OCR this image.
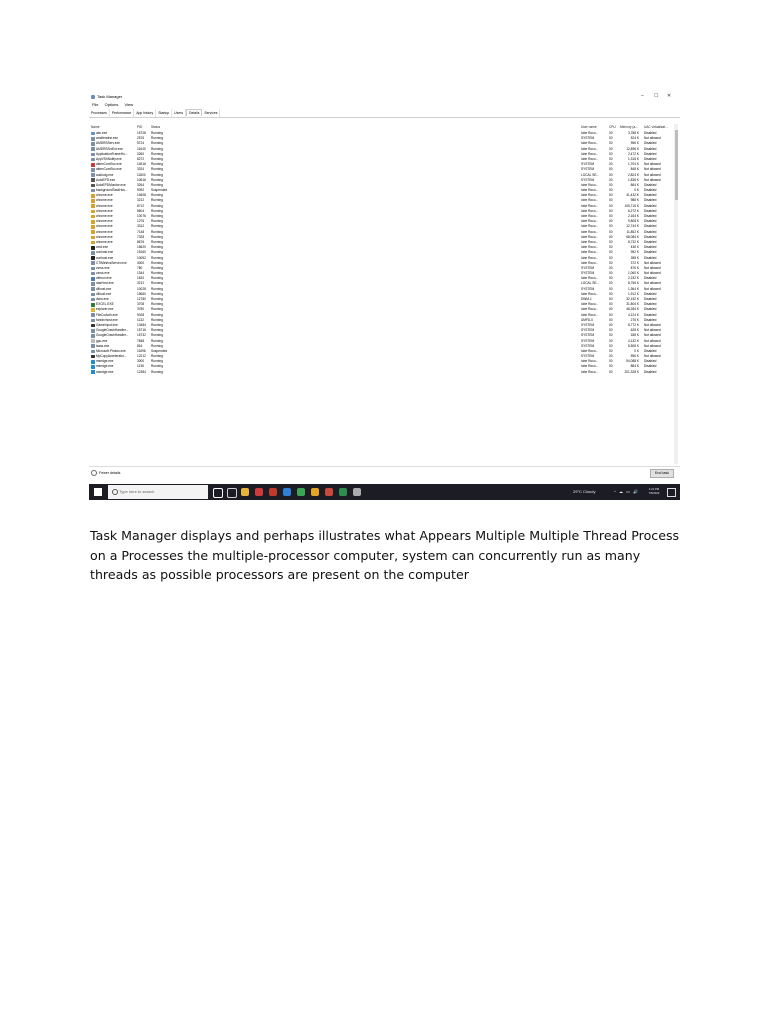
Task Manager	– ☐ ✕
File Options View
Processes	Performance	App history	Startup	Users	Details	Services
Name	PID	Status	User name	CPU Memory (a... UAC virtualizat...
abc.exe	15728	Running	Iobe Roco...	00	3,788 K Disabled
amdfendrsr.exe	2576	Running	SYSTEM	00	524 K Not allowed
AMDRSServ.exe	5724	Running	Iobe Roco...	00	956 K Disabled
AMDRSSrcExt.exe	11640	Running	Iobe Roco...	00	12,896 K Disabled
ApplicationFrameHo...	3260	Running	Iobe Roco...	00	2,472 K Disabled
AppVShNotify.exe	8272	Running	Iobe Roco...	00	1,316 K Disabled
atkexComSvc.exe	14616	Running	SYSTEM	00	1,704 K Not allowed
atkexComSvc.exe	3324	Running	SYSTEM	00	848 K Not allowed
audiodg.exe	11800	Running	LOCAL SE...	00	2,824 K Not allowed
AutoEPD.exe	10616	Running	SYSTEM	00	1,836 K Not allowed
AutoEPDMonitor.exe	3264	Running	Iobe Roco...	00	864 K Disabled
backgroundTaskHos...	9092	Suspended	Iobe Roco...	00	0 K Disabled
chrome.exe	14608	Running	Iobe Roco...	00	41,432 K Disabled
chrome.exe	3212	Running	Iobe Roco...	00	988 K Disabled
chrome.exe	8712	Running	Iobe Roco...	00	105,716 K Disabled
chrome.exe	8604	Running	Iobe Roco...	00	6,272 K Disabled
chrome.exe	10076	Running	Iobe Roco...	00	2,164 K Disabled
chrome.exe	1276	Running	Iobe Roco...	00	9,808 K Disabled
chrome.exe	3312	Running	Iobe Roco...	00	12,744 K Disabled
chrome.exe	7148	Running	Iobe Roco...	00	11,852 K Disabled
chrome.exe	7328	Running	Iobe Roco...	00	68,084 K Disabled
chrome.exe	8676	Running	Iobe Roco...	00	8,732 K Disabled
cmd.exe	15620	Running	Iobe Roco...	00	436 K Disabled
conhost.exe	15160	Running	Iobe Roco...	00	952 K Disabled
conhost.exe	10052	Running	Iobe Roco...	00	288 K Disabled
CTfMetricsServer.exe	4000	Running	Iobe Roco...	00	372 K Not allowed
csrss.exe	780	Running	SYSTEM	00	876 K Not allowed
csrss.exe	1344	Running	SYSTEM	00	1,060 K Not allowed
ctfmon.exe	1620	Running	Iobe Roco...	00	2,232 K Disabled
dasHost.exe	3212	Running	LOCAL SE...	00	8,756 K Not allowed
dllhost.exe	10028	Running	SYSTEM	00	1,364 K Not allowed
dllhost.exe	15660	Running	Iobe Roco...	00	1,912 K Disabled
dwm.exe	12780	Running	DWM-1	00	32,152 K Disabled
EXCEL.EXE	3708	Running	Iobe Roco...	00	31,804 K Disabled
explorer.exe	3780	Running	Iobe Roco...	00	48,284 K Disabled
FileCoAuth.exe	9028	Running	Iobe Roco...	00	4,124 K Disabled
fontdrvhost.exe	1132	Running	UMFD-0	00	276 K Disabled
GameInput.exe	13484	Running	SYSTEM	00	8,772 K Not allowed
GoogleCrashHandler...	15716	Running	SYSTEM	00	628 K Not allowed
GoogleCrashHandler...	15732	Running	SYSTEM	00	188 K Not allowed
gpu.exe	7848	Running	SYSTEM	00	4,132 K Not allowed
lsass.exe	816	Running	SYSTEM	00	5,508 K Not allowed
Microsoft.Photos.exe	11696	Suspended	Iobe Roco...	00	0 K Disabled
MpCopyAccelerator...	12212	Running	SYSTEM	00	556 K Not allowed
msedge.exe	3000	Running	Iobe Roco...	00	54,088 K Disabled
msedge.exe	1136	Running	Iobe Roco...	00	884 K Disabled
msedge.exe	12384	Running	Iobe Roco...	00	201,328 K Disabled
Fewer details	End task
Type here to search	29°C Cloudy	^ ☁ ▭ 🔊	1:21 PM
7/5/2022
Task Manager displays and perhaps illustrates what Appears Multiple Multiple Thread Process on a Processes the multiple-processor computer, system can concurrently run as many threads as possible processors are present on the computer
